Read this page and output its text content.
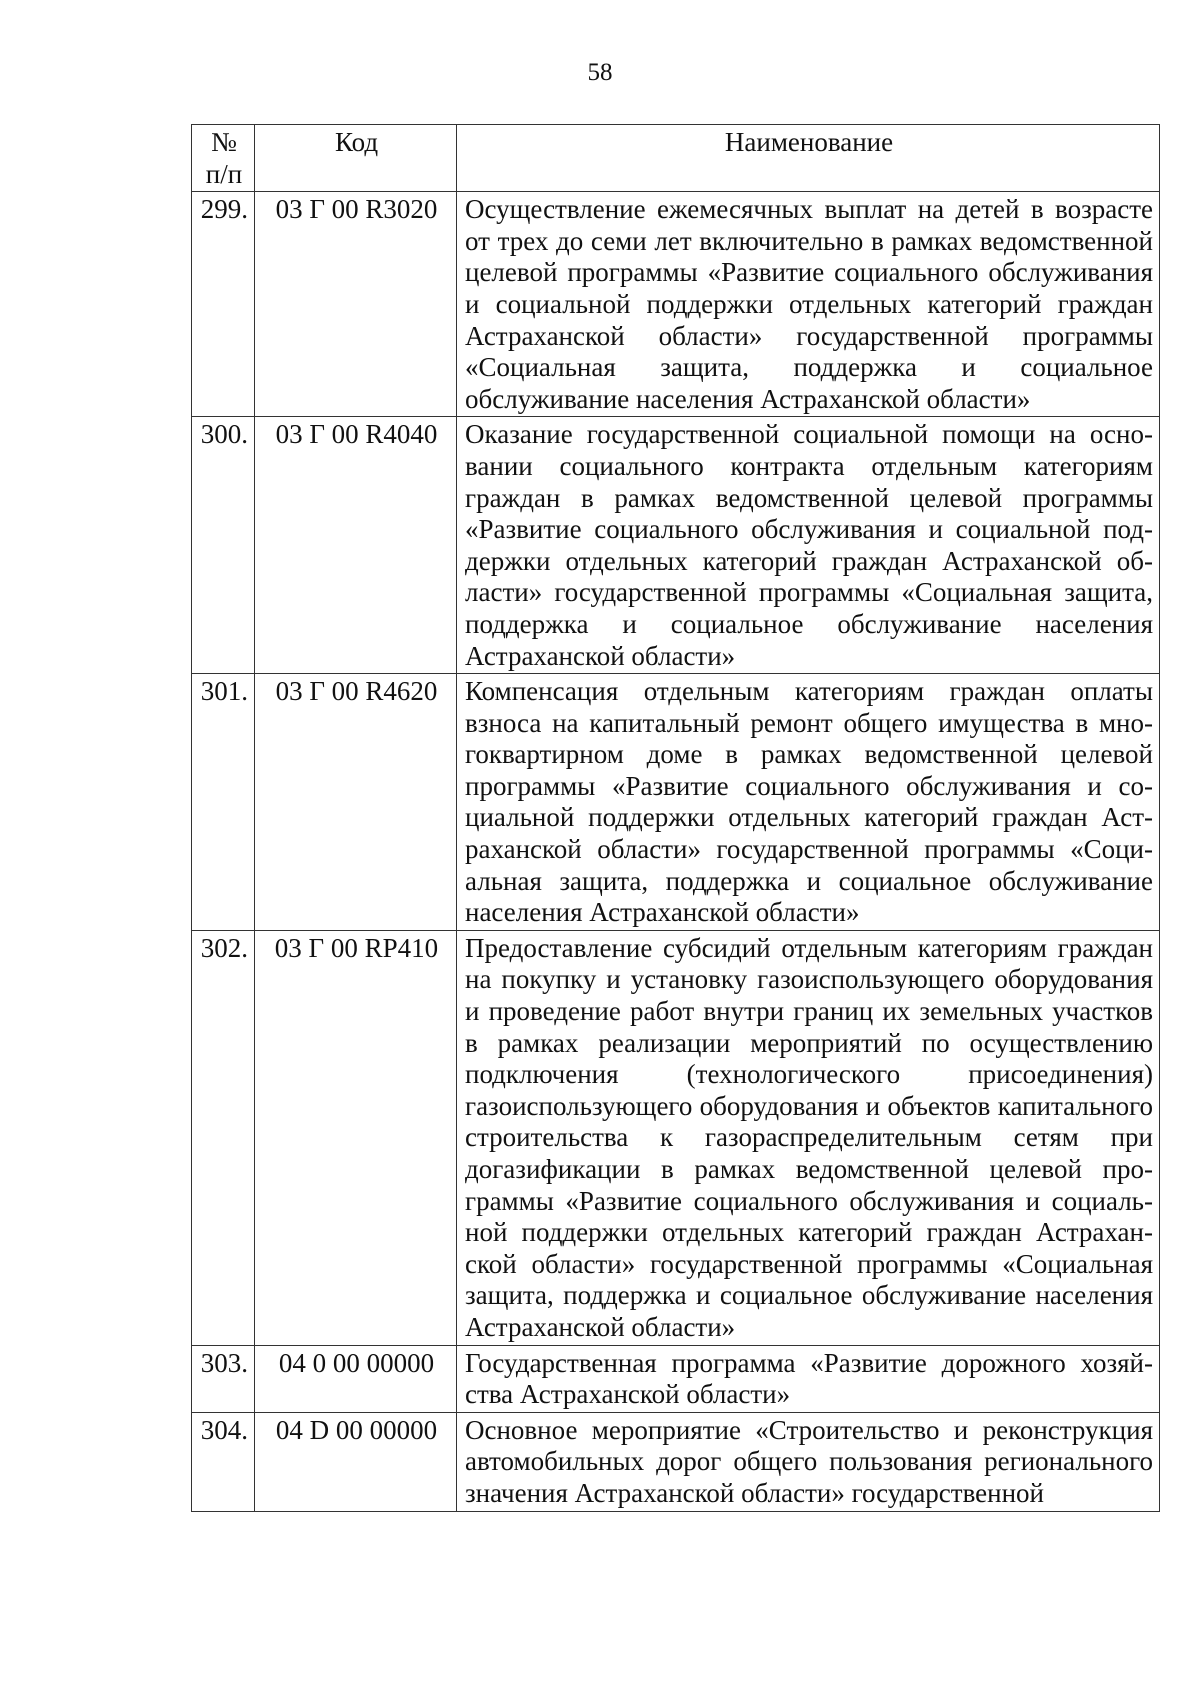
58
№
п/п	Код	Наименование
299.	03 Г 00 R3020	Осуществление ежемесячных выплат на детей в возрасте от трех до семи лет включительно в рамках ведомственной целевой программы «Развитие социального обслуживания и социальной поддержки отдельных категорий граждан Астраханской области» государственной программы «Социальная защита, поддержка и социальное обслуживание населения Астраханской области»
300.	03 Г 00 R4040	Оказание государственной социальной помощи на основании социального контракта отдельным категориям граждан в рамках ведомственной целевой программы «Развитие социального обслуживания и социальной поддержки отдельных категорий граждан Астраханской области» государственной программы «Социальная защита, поддержка и социальное обслуживание населения Астраханской области»
301.	03 Г 00 R4620	Компенсация отдельным категориям граждан оплаты взноса на капитальный ремонт общего имущества в многоквартирном доме в рамках ведомственной целевой программы «Развитие социального обслуживания и социальной поддержки отдельных категорий граждан Астраханской области» государственной программы «Социальная защита, поддержка и социальное обслуживание населения Астраханской области»
302.	03 Г 00 RP410	Предоставление субсидий отдельным категориям граждан на покупку и установку газоиспользующего оборудования и проведение работ внутри границ их земельных участков в рамках реализации мероприятий по осуществлению подключения (технологического присоединения) газоиспользующего оборудования и объектов капитального строительства к газораспределительным сетям при догазификации в рамках ведомственной целевой программы «Развитие социального обслуживания и социальной поддержки отдельных категорий граждан Астраханской области» государственной программы «Социальная защита, поддержка и социальное обслуживание населения Астраханской области»
303.	04 0 00 00000	Государственная программа «Развитие дорожного хозяйства Астраханской области»
304.	04 D 00 00000	Основное мероприятие «Строительство и реконструкция автомобильных дорог общего пользования регионального значения Астраханской области» государственной
